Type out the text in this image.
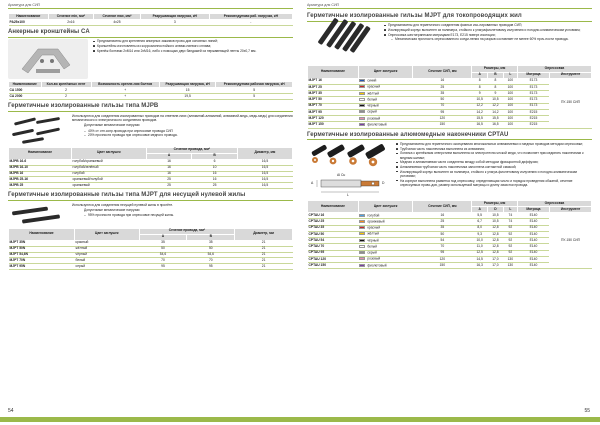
Арматура для СИП
Наименование	Сечение min, мм²	Сечение max, мм²	Разрушающая нагрузка, кН	Рекомендуемая раб. нагрузка, кН
PA25x100	2x16	4x25	3	-
Анкерные кронштейны СА
Предназначены для крепления анкерных зажимов прово-дов основных линий;
Кронштейны изготовлены из коррозионностойкого алюми-ниевого сплава;
Крепёж болтами 2хМ14 или 2хМ16, либо с помощью двух бандажей из нержавеющей ленты 20х0,7 мм.
Наименование	Кол-во крепёжных лент	Возможность крепле-ния болтов	Разрушающая нагрузка, кН	Рекомендуемая рабочая нагрузка, кН
CA 1500	2	+	15	5
CA 2000	2	+	19,5	5
Герметичные изолированные гильзы типа MJPB

Используются для соединения изолированных проводов на ответвле-ниях (алюминий-алюминий, алюминий-медь, медь-медь) для соединения механического и электрического соединения проводов.

Допустимые механические нагрузки:

– 40% от отн.сопр.провода при опрессовке провода СИП
– 20% прочности провода при опрессовке медного провода.
Наименование	Цвет заглушек	Сечение провода, мм²		Диаметр, мм
		A	B	
MJPB 16-6	голубой/оранжевый	16	6	16,5
MJPB 16-10	голубой/зелёный	16	10	16,5
MJPB 16	голубой	16	16	16,5
MJPB 25-16	оранжевый/голубой	25	16	16,5
MJPB 25	оранжевый	25	25	16,5
Герметичные изолированные гильзы типа MJPT для несущей нулевой жилы

Используются для соединения несущей нулевой жилы в пролёте.

Допустимые механические нагрузки:

– 95% прочности провода при опрессовке несущей жилы.
Наименование	Цвет заглушек	Сечение провода, мм²		Диаметр, мм
		A	B	
MJPT 35N	красный	35	35	21
MJPT 50N	жёлтый	50	50	21
MJPT 54,6N	чёрный	54,6	54,6	21
MJPT 70N	белый	70	70	21
MJPT 95N	серый	95	95	21
54
Арматура для СИП
Герметичные изолированные гильзы MJPT для токопроводящих жил
Предназначены для герметичного соединения фазных изо-лированных проводов СИП;
Изолирующий корпус выполнен из полимера, стойкого к ультрафиолетовому излучению и погодно-климатическим условиям;
Опрессовка шестигранными матрицами Е173, Е215 поверх изоляции;
– Механическая прочность опрессованного соеди-нения на разрыв составляет не менее 60% проч-ности провода.
Наименование	Цвет заглушек	Сечение СИП, мм	Размеры, мм			Опрессовка	
			A	B	L	Матрица	Инструмент
MJPT 16	синий	16	8	8	100	E173	ПУ-150 СИП
MJPT 25	красный	25	8	8	100	E173	
MJPT 35	жёлтый	35	9	9	100	E173	
MJPT 50	белый	50	10,5	10,5	100	E173	
MJPT 70	чёрный	70	12,2	12,2	100	E173	
MJPT 95	серый	95	14,2	14,2	100	E215	
MJPT 120	розовый	120	15,5	15,5	100	E215	
MJPT 150	фиолетовый	150	16,5	16,5	100	E215	
Герметичные изолированные алюмомедные наконечники CPTAU
Al Cu
A	D
L
Предназначены для герметичного оконцевания многожильных алюминиевых и медных проводов методом опрессовки;
Трубчатая часть наконечника выполнена из алюминия;
Лопатка с крепёжным отверстием выполнена из электротехни-ческой меди, что позволяет присоединять наконечники к медным шинам;
Медная и алюминиевая части соединены между собой методом фрикционной диффузии;
Алюминиевая трубчатая часть наконечника заполнена контактной смазкой;
Изолирующий корпус выполнен из полимера, стойкого к ультра-фиолетовому излучению и погодно-климатическим условиям;
На корпусе выполнена разметка под опрессовку, определяющая число и порядок проведения обжатий, сечение опрессуемых прово-дов, размер используемой матрицы и длину зачистки провода.
Наименование	Цвет заглушек	Сечение СИП, мм	Размеры, мм			Опрессовка	
			A	D	L	Матрица	Инструмент
CPTAU 16	голубой	16	5,5	10,5	74	E140	ПУ-150 СИП
CPTAU 25	оранжевый	25	6,7	10,5	74	E140	
CPTAU 35	красный	35	8,0	12,8	92	E140	
CPTAU 50	жёлтый	50	9,3	12,8	92	E140	
CPTAU 54	чёрный	54	10,0	12,8	92	E140	
CPTAU 70	белый	70	11,0	12,8	92	E140	
CPTAU 95	серый	95	12,5	12,8	92	E140	
CPTAU 120	розовый	120	14,5	17,0	130	E140	
CPTAU 150	фиолетовый	150	16,3	17,0	130	E140	
55
